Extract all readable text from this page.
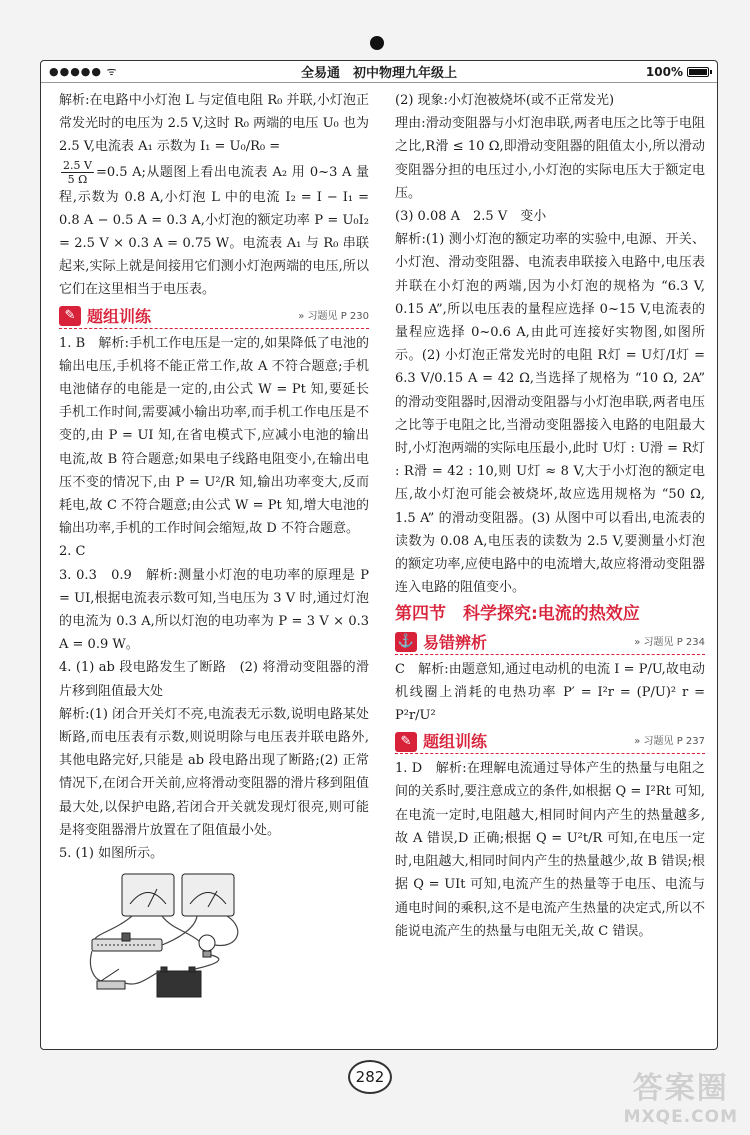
●●●●● ᯤ	全易通　初中物理九年级上	100%

解析:在电路中小灯泡 L 与定值电阻 R₀ 并联,小灯泡正常发光时的电压为 2.5 V,这时 R₀ 两端的电压 U₀ 也为 2.5 V,电流表 A₁ 示数为 I₁ = U₀/R₀ =

$\frac{2.5 V}{5 \Omega} =0.5$ A;从题图上看出电流表 A₂ 用 0~3 A 量程,示数为 0.8 A,小灯泡 L 中的电流 I₂ = I − I₁ = 0.8 A − 0.5 A = 0.3 A,小灯泡的额定功率 P = U₀I₂ = 2.5 V × 0.3 A = 0.75 W。电流表 A₁ 与 R₀ 串联起来,实际上就是间接用它们测小灯泡两端的电压,所以它们在这里相当于电压表。

✎ 题组训练	» 习题见 P 230

1. B　解析:手机工作电压是一定的,如果降低了电池的输出电压,手机将不能正常工作,故 A 不符合题意;手机电池储存的电能是一定的,由公式 W = Pt 知,要延长手机工作时间,需要减小输出功率,而手机工作电压是不变的,由 P = UI 知,在省电模式下,应减小电池的输出电流,故 B 符合题意;如果电子线路电阻变小,在输出电压不变的情况下,由 P = U²/R 知,输出功率变大,反而耗电,故 C 不符合题意;由公式 W = Pt 知,增大电池的输出功率,手机的工作时间会缩短,故 D 不符合题意。

2. C

3. 0.3　0.9　解析:测量小灯泡的电功率的原理是 P = UI,根据电流表示数可知,当电压为 3 V 时,通过灯泡的电流为 0.3 A,所以灯泡的电功率为 P = 3 V × 0.3 A = 0.9 W。

4. (1) ab 段电路发生了断路　(2) 将滑动变阻器的滑片移到阻值最大处

解析:(1) 闭合开关灯不亮,电流表无示数,说明电路某处断路,而电压表有示数,则说明除与电压表并联电路外,其他电路完好,只能是 ab 段电路出现了断路;(2) 正常情况下,在闭合开关前,应将滑动变阻器的滑片移到阻值最大处,以保护电路,若闭合开关就发现灯很亮,则可能是将变阻器滑片放置在了阻值最小处。

5. (1) 如图所示。

(2) 现象:小灯泡被烧坏(或不正常发光)

理由:滑动变阻器与小灯泡串联,两者电压之比等于电阻之比,R滑 ≤ 10 Ω,即滑动变阻器的阻值太小,所以滑动变阻器分担的电压过小,小灯泡的实际电压大于额定电压。

(3) 0.08 A　2.5 V　变小

解析:(1) 测小灯泡的额定功率的实验中,电源、开关、小灯泡、滑动变阻器、电流表串联接入电路中,电压表并联在小灯泡的两端,因为小灯泡的规格为 “6.3 V, 0.15 A”,所以电压表的量程应选择 0~15 V,电流表的量程应选择 0~0.6 A,由此可连接好实物图,如图所示。(2) 小灯泡正常发光时的电阻 R灯 = U灯/I灯 = 6.3 V/0.15 A = 42 Ω,当选择了规格为 “10 Ω, 2A” 的滑动变阻器时,因滑动变阻器与小灯泡串联,两者电压之比等于电阻之比,当滑动变阻器接入电路的电阻最大时,小灯泡两端的实际电压最小,此时 U灯 : U滑 = R灯 : R滑 = 42 : 10,则 U灯 ≈ 8 V,大于小灯泡的额定电压,故小灯泡可能会被烧坏,故应选用规格为 “50 Ω, 1.5 A” 的滑动变阻器。(3) 从图中可以看出,电流表的读数为 0.08 A,电压表的读数为 2.5 V,要测量小灯泡的额定功率,应使电路中的电流增大,故应将滑动变阻器连入电路的阻值变小。

第四节　科学探究:电流的热效应
⚓ 易错辨析	» 习题见 P 234

C　解析:由题意知,通过电动机的电流 I = P/U,故电动机线圈上消耗的电热功率 P′ = I²r = (P/U)² r = P²r/U²

✎ 题组训练	» 习题见 P 237

1. D　解析:在理解电流通过导体产生的热量与电阻之间的关系时,要注意成立的条件,如根据 Q = I²Rt 可知,在电流一定时,电阻越大,相同时间内产生的热量越多,故 A 错误,D 正确;根据 Q = U²t/R 可知,在电压一定时,电阻越大,相同时间内产生的热量越少,故 B 错误;根据 Q = UIt 可知,电流产生的热量等于电压、电流与通电时间的乘积,这不是电流产生热量的决定式,所以不能说电流产生的热量与电阻无关,故 C 错误。

282	答案圈
MXQE.COM
